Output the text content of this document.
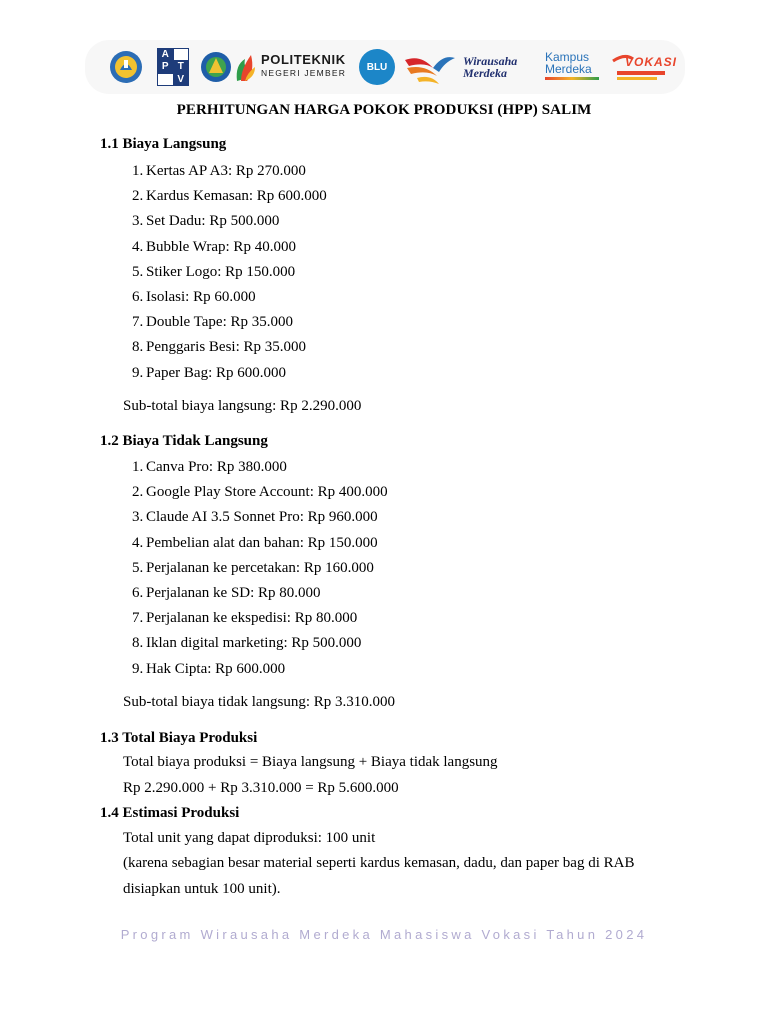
A
P T
V
POLITEKNIK
NEGERI JEMBER
BLU	Wirausaha Merdeka
Kampus
Merdeka	VOKASI
PERHITUNGAN HARGA POKOK PRODUKSI (HPP) SALIM
1.1 Biaya Langsung
1. Kertas AP A3: Rp 270.000
2. Kardus Kemasan: Rp 600.000
3. Set Dadu: Rp 500.000
4. Bubble Wrap: Rp 40.000
5. Stiker Logo: Rp 150.000
6. Isolasi: Rp 60.000
7. Double Tape: Rp 35.000
8. Penggaris Besi: Rp 35.000
9. Paper Bag: Rp 600.000
Sub-total biaya langsung: Rp 2.290.000
1.2 Biaya Tidak Langsung
1. Canva Pro: Rp 380.000
2. Google Play Store Account: Rp 400.000
3. Claude AI 3.5 Sonnet Pro: Rp 960.000
4. Pembelian alat dan bahan: Rp 150.000
5. Perjalanan ke percetakan: Rp 160.000
6. Perjalanan ke SD: Rp 80.000
7. Perjalanan ke ekspedisi: Rp 80.000
8. Iklan digital marketing: Rp 500.000
9. Hak Cipta: Rp 600.000
Sub-total biaya tidak langsung: Rp 3.310.000
1.3 Total Biaya Produksi
Total biaya produksi = Biaya langsung + Biaya tidak langsung
Rp 2.290.000 + Rp 3.310.000 = Rp 5.600.000
1.4 Estimasi Produksi
Total unit yang dapat diproduksi: 100 unit
(karena sebagian besar material seperti kardus kemasan, dadu, dan paper bag di RAB
disiapkan untuk 100 unit).
Program Wirausaha Merdeka Mahasiswa Vokasi Tahun 2024
